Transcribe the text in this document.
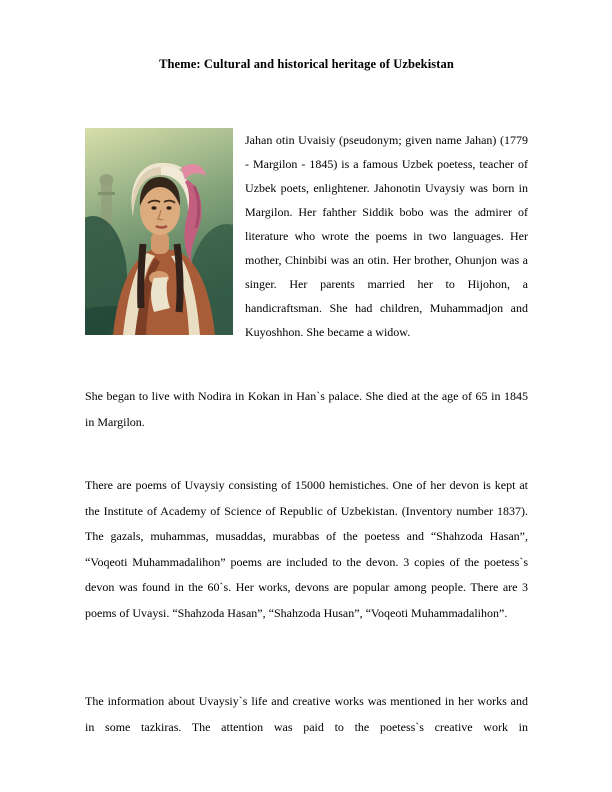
Theme: Cultural and historical heritage of Uzbekistan
Jahan otin Uvaisiy (pseudonym; given name Jahan) (1779 - Margilon - 1845) is a famous Uzbek poetess, teacher of Uzbek poets, enlightener. Jahonotin Uvaysiy was born in Margilon. Her fahther Siddik bobo was the admirer of literature who wrote the poems in two languages. Her mother, Chinbibi was an otin. Her brother, Ohunjon was a singer. Her parents married her to Hijohon, a handicraftsman. She had children, Muhammadjon and Kuyoshhon. She became a widow.

She began to live with Nodira in Kokan in Han`s palace. She died at the age of 65 in 1845 in Margilon.

There are poems of Uvaysiy consisting of 15000 hemistiches. One of her devon is kept at the Institute of Academy of Science of Republic of Uzbekistan. (Inventory number 1837). The gazals, muhammas, musaddas, murabbas of the poetess and “Shahzoda Hasan”, “Voqeoti Muhammadalihon” poems are included to the devon. 3 copies of the poetess`s devon was found in the 60`s. Her works, devons are popular among people. There are 3 poems of Uvaysi. “Shahzoda Hasan”, “Shahzoda Husan”, “Voqeoti Muhammadalihon”.

The information about Uvaysiy`s life and creative works was mentioned in her works and in some tazkiras. The attention was paid to the poetess`s creative work in
